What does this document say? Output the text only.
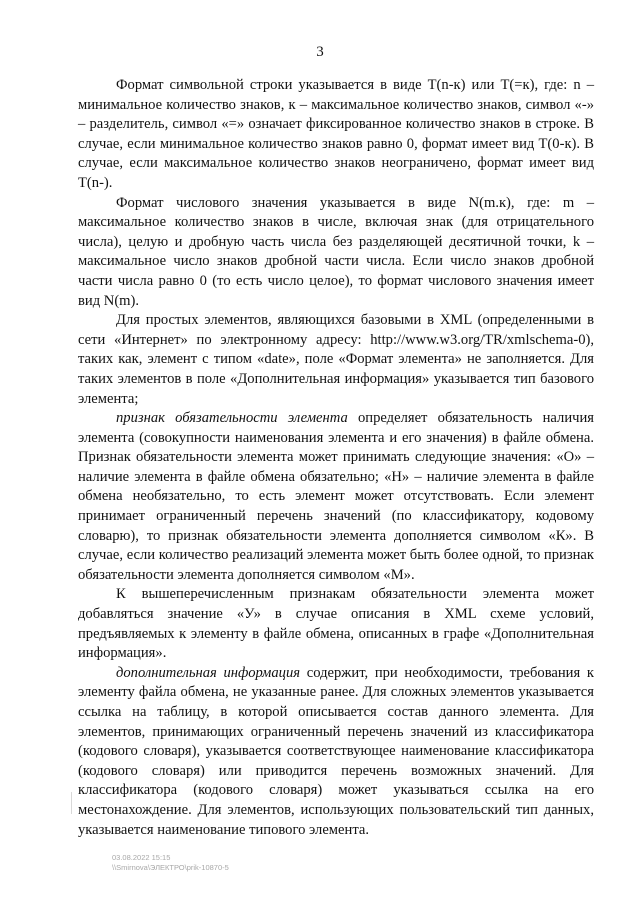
3

Формат символьной строки указывается в виде Т(n-к) или Т(=к), где: n – минимальное количество знаков, к – максимальное количество знаков, символ «-» – разделитель, символ «=» означает фиксированное количество знаков в строке. В случае, если минимальное количество знаков равно 0, формат имеет вид Т(0-к). В случае, если максимальное количество знаков неограничено, формат имеет вид Т(n-).

Формат числового значения указывается в виде N(m.к), где: m – максимальное количество знаков в числе, включая знак (для отрицательного числа), целую и дробную часть числа без разделяющей десятичной точки, k – максимальное число знаков дробной части числа. Если число знаков дробной части числа равно 0 (то есть число целое), то формат числового значения имеет вид N(m).

Для простых элементов, являющихся базовыми в XML (определенными в сети «Интернет» по электронному адресу: http://www.w3.org/TR/xmlschema-0), таких как, элемент с типом «date», поле «Формат элемента» не заполняется. Для таких элементов в поле «Дополнительная информация» указывается тип базового элемента;

признак обязательности элемента определяет обязательность наличия элемента (совокупности наименования элемента и его значения) в файле обмена. Признак обязательности элемента может принимать следующие значения: «О» – наличие элемента в файле обмена обязательно; «Н» – наличие элемента в файле обмена необязательно, то есть элемент может отсутствовать. Если элемент принимает ограниченный перечень значений (по классификатору, кодовому словарю), то признак обязательности элемента дополняется символом «К». В случае, если количество реализаций элемента может быть более одной, то признак обязательности элемента дополняется символом «М».

К вышеперечисленным признакам обязательности элемента может добавляться значение «У» в случае описания в XML схеме условий, предъявляемых к элементу в файле обмена, описанных в графе «Дополнительная информация».

дополнительная информация содержит, при необходимости, требования к элементу файла обмена, не указанные ранее. Для сложных элементов указывается ссылка на таблицу, в которой описывается состав данного элемента. Для элементов, принимающих ограниченный перечень значений из классификатора (кодового словаря), указывается соответствующее наименование классификатора (кодового словаря) или приводится перечень возможных значений. Для классификатора (кодового словаря) может указываться ссылка на его местонахождение. Для элементов, использующих пользовательский тип данных, указывается наименование типового элемента.

03.08.2022 15:15
\\Smirnova\ЭЛЕКТРО\prik-10870-5
